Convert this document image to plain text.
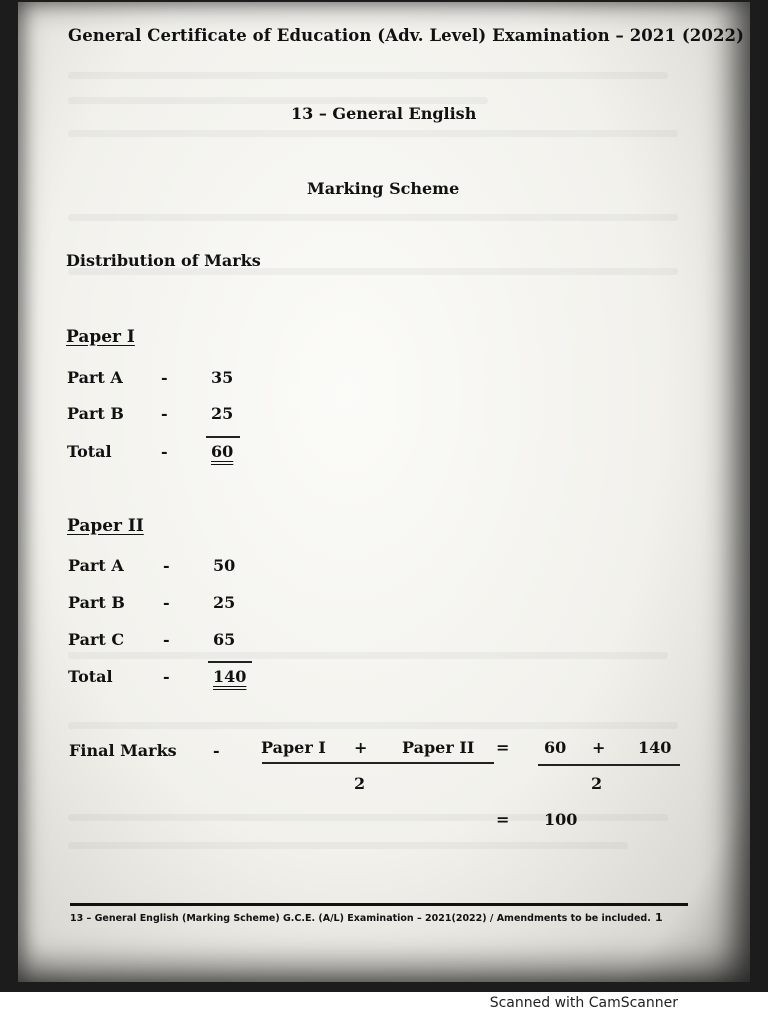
General Certificate of Education (Adv. Level) Examination – 2021 (2022)
13 – General English
Marking Scheme
Distribution of Marks
Paper I
Part A -	35
Part B -	25
Total	-	60
Paper II
Part A -	50
Part B -	25
Part C -	65
Total	-	140
Final Marks -	Paper I + Paper II = 60 + 140
2	2
= 100
13 – General English (Marking Scheme) G.C.E. (A/L) Examination – 2021(2022) / Amendments to be included. 1
Scanned with CamScanner
